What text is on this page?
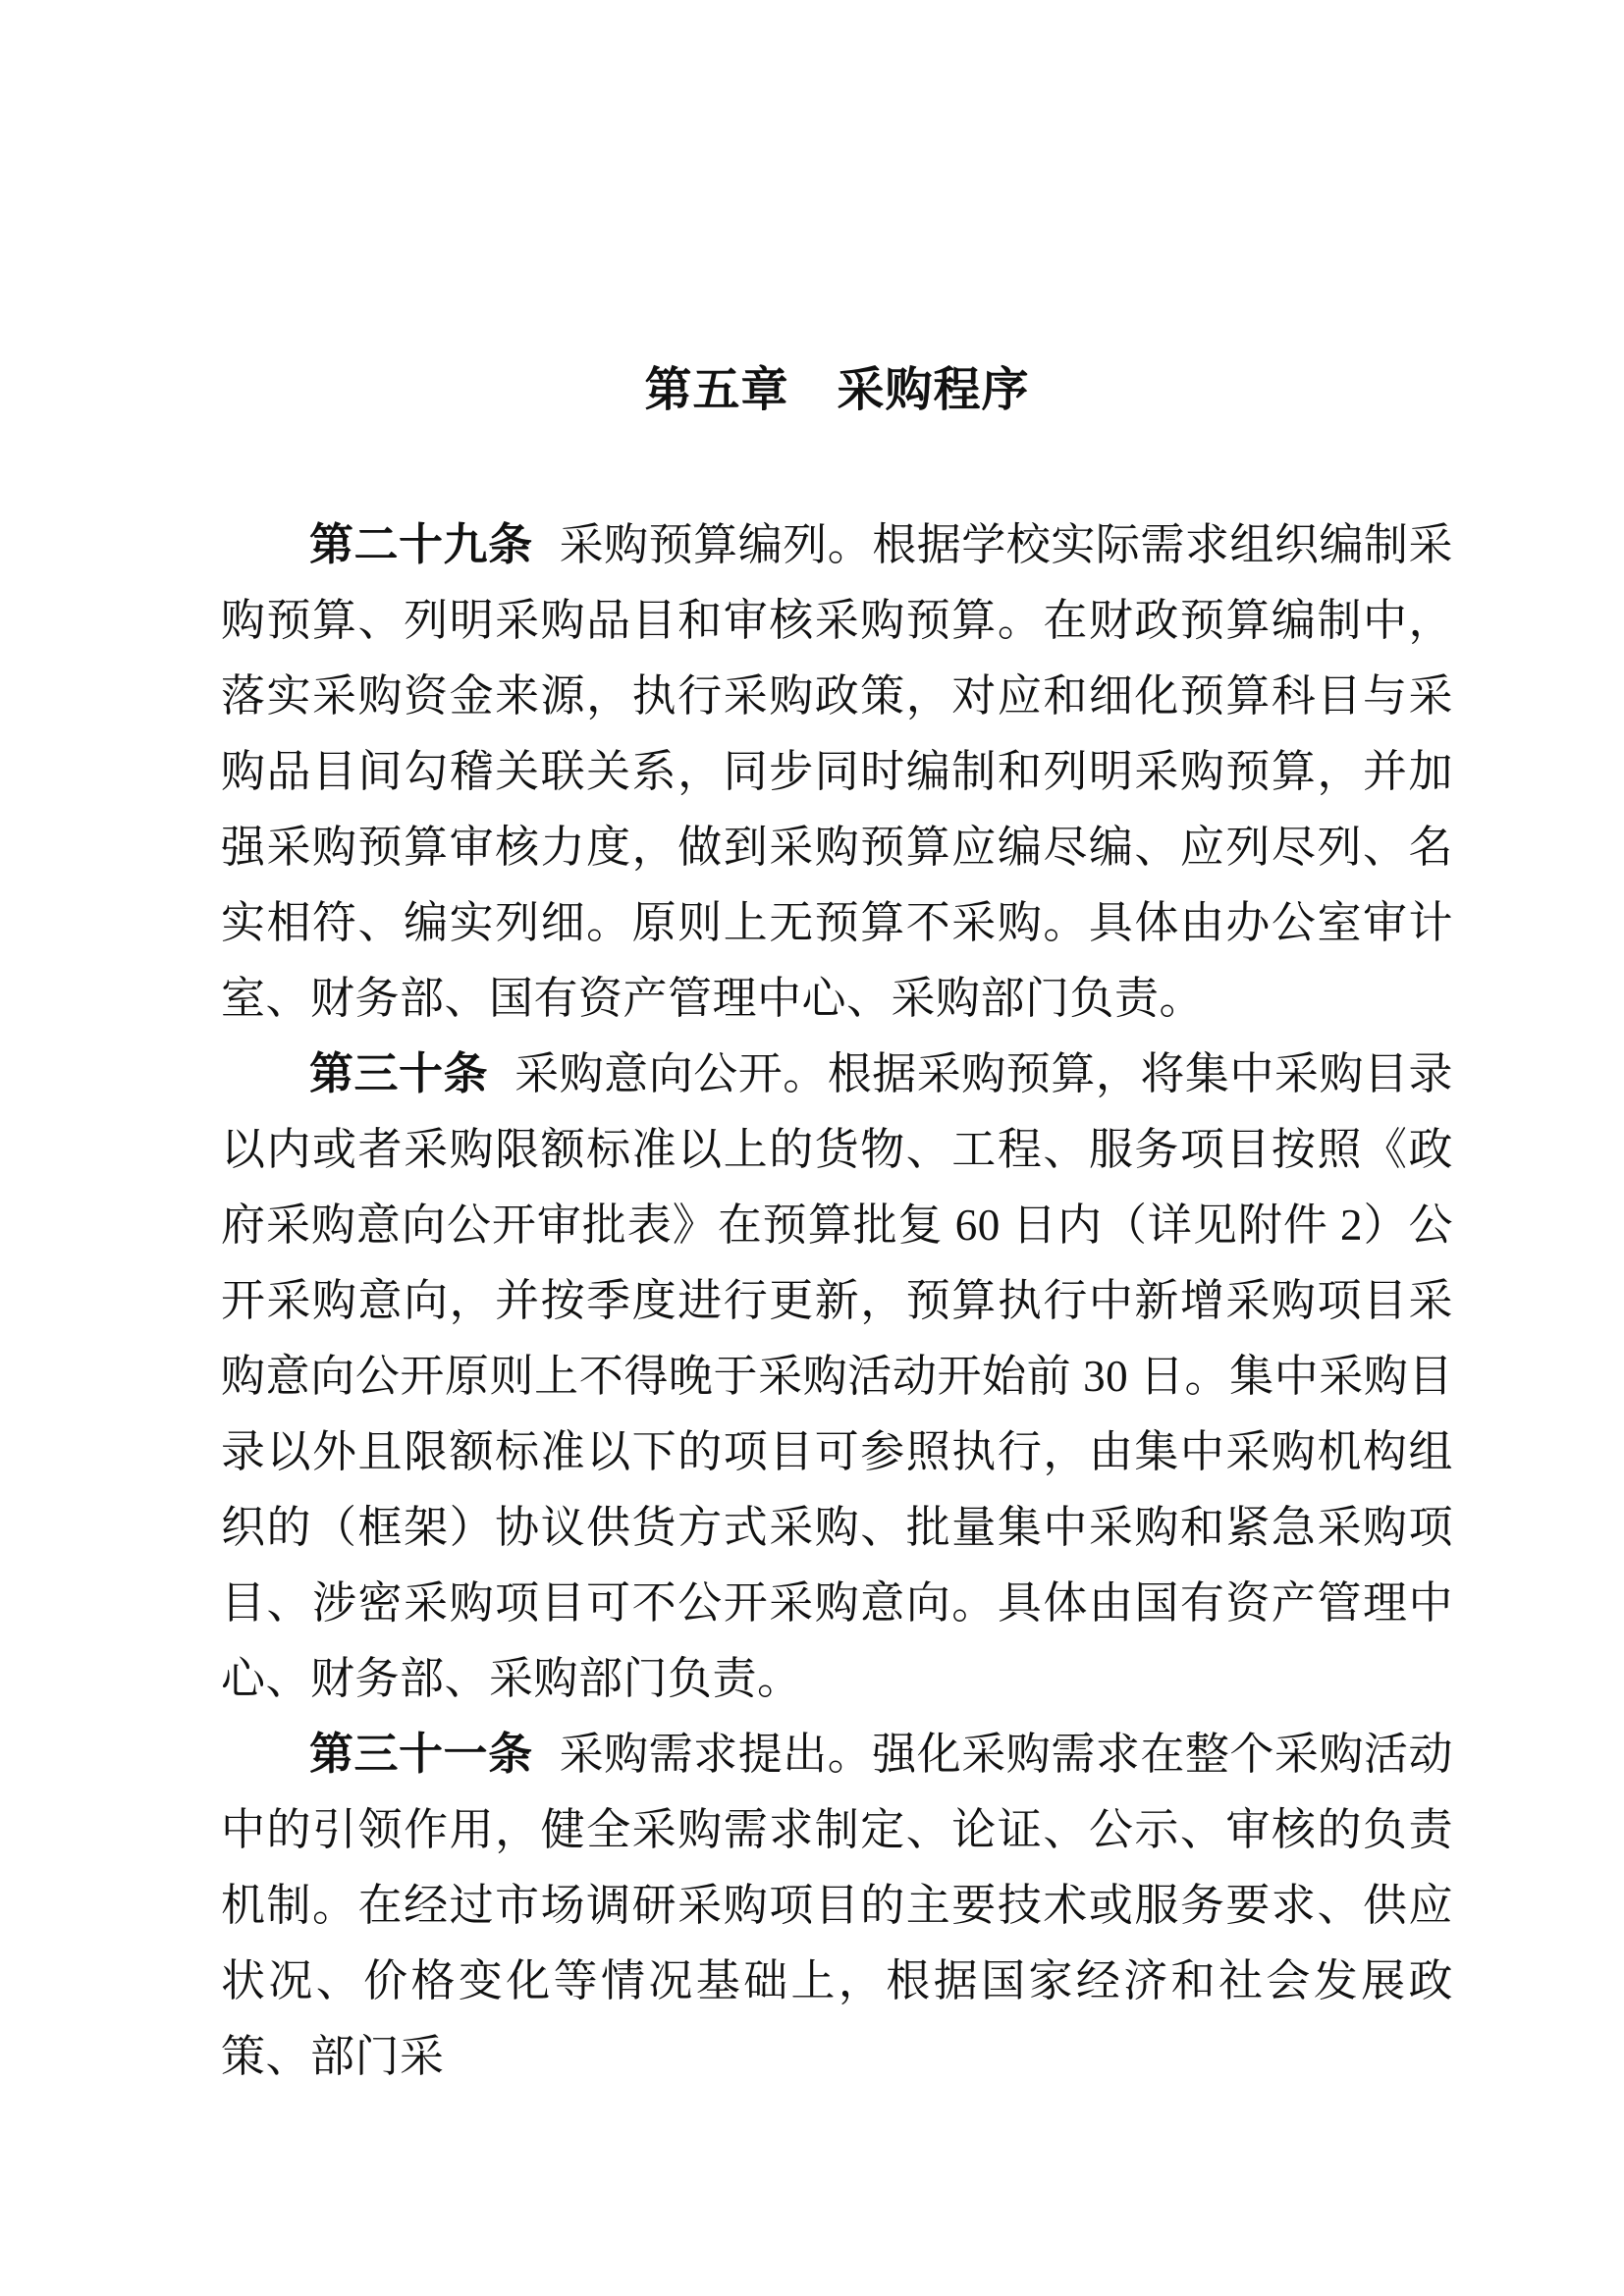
第五章　采购程序

第二十九条 采购预算编列。根据学校实际需求组织编制采购预算、列明采购品目和审核采购预算。在财政预算编制中，落实采购资金来源，执行采购政策，对应和细化预算科目与采购品目间勾稽关联关系，同步同时编制和列明采购预算，并加强采购预算审核力度，做到采购预算应编尽编、应列尽列、名实相符、编实列细。原则上无预算不采购。具体由办公室审计室、财务部、国有资产管理中心、采购部门负责。

第三十条 采购意向公开。根据采购预算，将集中采购目录以内或者采购限额标准以上的货物、工程、服务项目按照《政府采购意向公开审批表》在预算批复 60 日内（详见附件 2）公开采购意向，并按季度进行更新，预算执行中新增采购项目采购意向公开原则上不得晚于采购活动开始前 30 日。集中采购目录以外且限额标准以下的项目可参照执行，由集中采购机构组织的（框架）协议供货方式采购、批量集中采购和紧急采购项目、涉密采购项目可不公开采购意向。具体由国有资产管理中心、财务部、采购部门负责。

第三十一条 采购需求提出。强化采购需求在整个采购活动中的引领作用，健全采购需求制定、论证、公示、审核的负责机制。在经过市场调研采购项目的主要技术或服务要求、供应状况、价格变化等情况基础上，根据国家经济和社会发展政策、部门采
